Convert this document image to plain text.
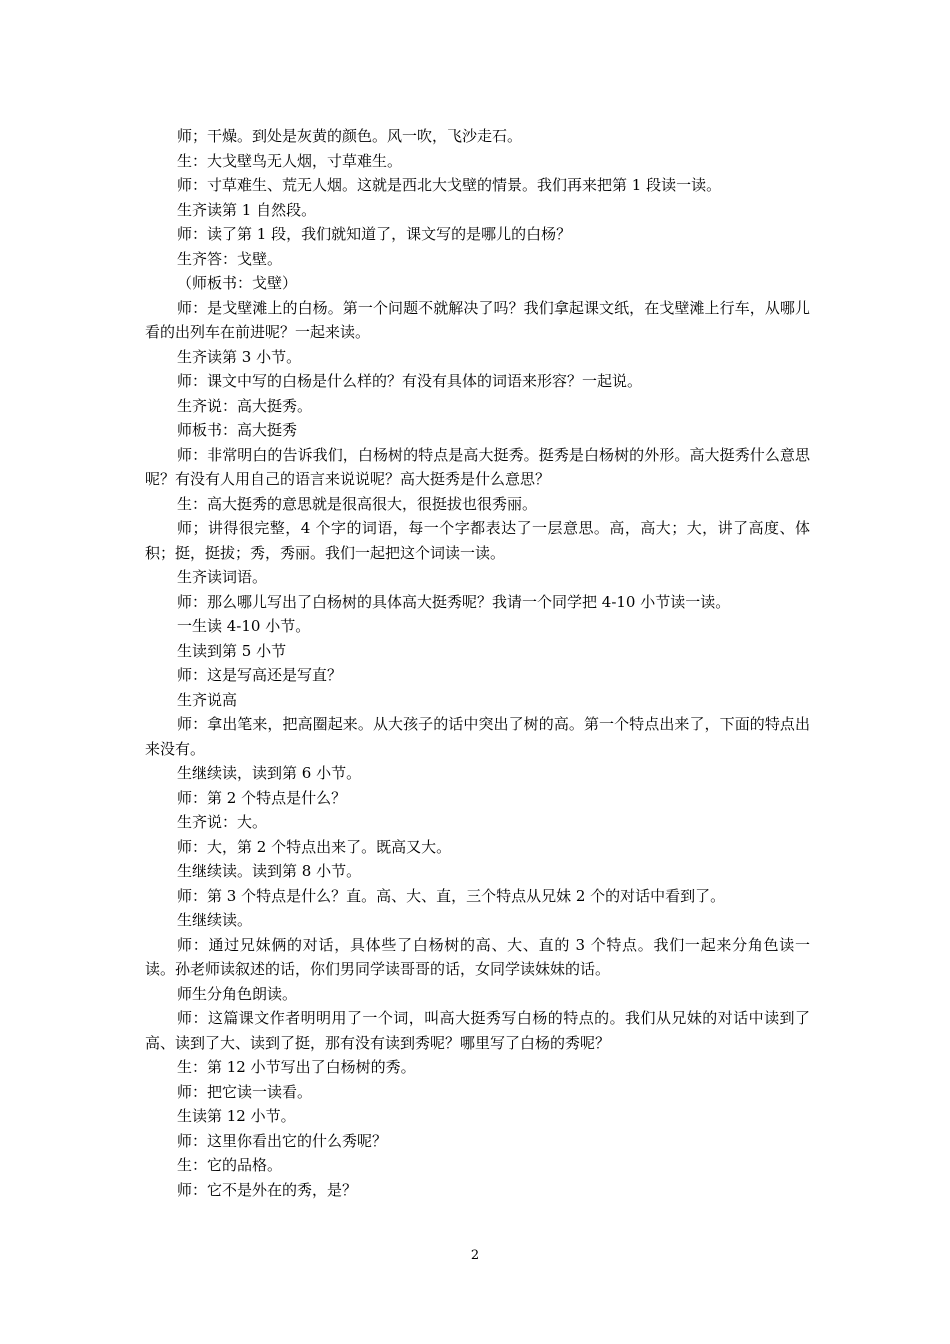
师；干燥。到处是灰黄的颜色。风一吹，飞沙走石。

生：大戈壁鸟无人烟，寸草难生。

师：寸草难生、荒无人烟。这就是西北大戈壁的情景。我们再来把第 1 段读一读。

生齐读第 1 自然段。

师：读了第 1 段，我们就知道了，课文写的是哪儿的白杨？

生齐答：戈壁。

（师板书：戈壁）

师：是戈壁滩上的白杨。第一个问题不就解决了吗？我们拿起课文纸，在戈壁滩上行车，从哪儿看的出列车在前进呢？一起来读。

生齐读第 3 小节。

师：课文中写的白杨是什么样的？有没有具体的词语来形容？一起说。

生齐说：高大挺秀。

师板书：高大挺秀

师：非常明白的告诉我们，白杨树的特点是高大挺秀。挺秀是白杨树的外形。高大挺秀什么意思呢？有没有人用自己的语言来说说呢？高大挺秀是什么意思？

生：高大挺秀的意思就是很高很大，很挺拔也很秀丽。

师；讲得很完整，4 个字的词语，每一个字都表达了一层意思。高，高大；大，讲了高度、体积；挺，挺拔；秀，秀丽。我们一起把这个词读一读。

生齐读词语。

师：那么哪儿写出了白杨树的具体高大挺秀呢？我请一个同学把 4-10 小节读一读。

一生读 4-10 小节。

生读到第 5 小节

师：这是写高还是写直？

生齐说高

师：拿出笔来，把高圈起来。从大孩子的话中突出了树的高。第一个特点出来了，下面的特点出来没有。

生继续读，读到第 6 小节。

师：第 2 个特点是什么？

生齐说：大。

师：大，第 2 个特点出来了。既高又大。

生继续读。读到第 8 小节。

师：第 3 个特点是什么？直。高、大、直，三个特点从兄妹 2 个的对话中看到了。

生继续读。

师：通过兄妹俩的对话，具体些了白杨树的高、大、直的 3 个特点。我们一起来分角色读一读。孙老师读叙述的话，你们男同学读哥哥的话，女同学读妹妹的话。

师生分角色朗读。

师：这篇课文作者明明用了一个词，叫高大挺秀写白杨的特点的。我们从兄妹的对话中读到了高、读到了大、读到了挺，那有没有读到秀呢？哪里写了白杨的秀呢？

生：第 12 小节写出了白杨树的秀。

师：把它读一读看。

生读第 12 小节。

师：这里你看出它的什么秀呢？

生：它的品格。

师：它不是外在的秀，是？

2
